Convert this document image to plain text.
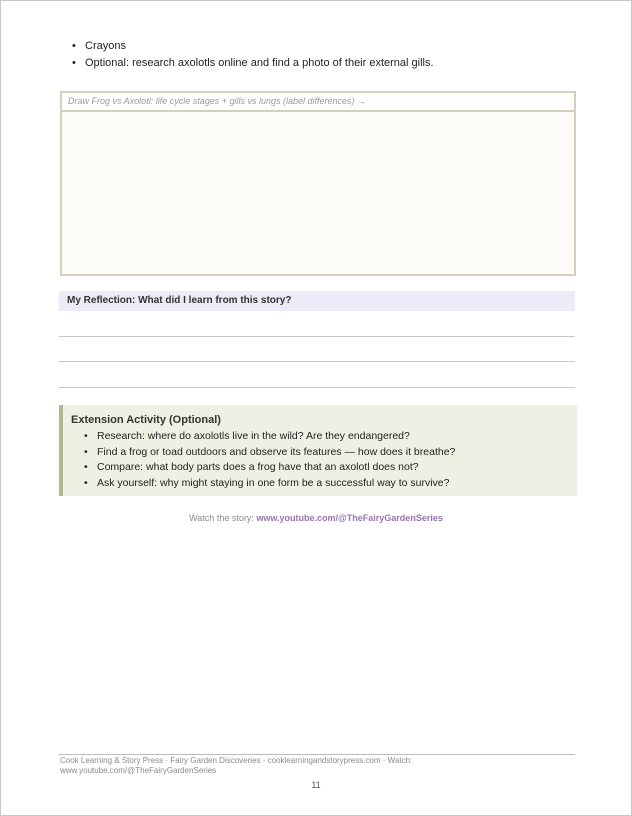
• Crayons
• Optional: research axolotls online and find a photo of their external gills.
Draw Frog vs Axolotl: life cycle stages + gills vs lungs (label differences) →
My Reflection: What did I learn from this story?
Extension Activity (Optional)
• Research: where do axolotls live in the wild? Are they endangered?
• Find a frog or toad outdoors and observe its features — how does it breathe?
• Compare: what body parts does a frog have that an axolotl does not?
• Ask yourself: why might staying in one form be a successful way to survive?
Watch the story: www.youtube.com/@TheFairyGardenSeries
Cook Learning & Story Press · Fairy Garden Discoveries · cooklearningandstorypress.com · Watch:
www.youtube.com/@TheFairyGardenSeries
11
